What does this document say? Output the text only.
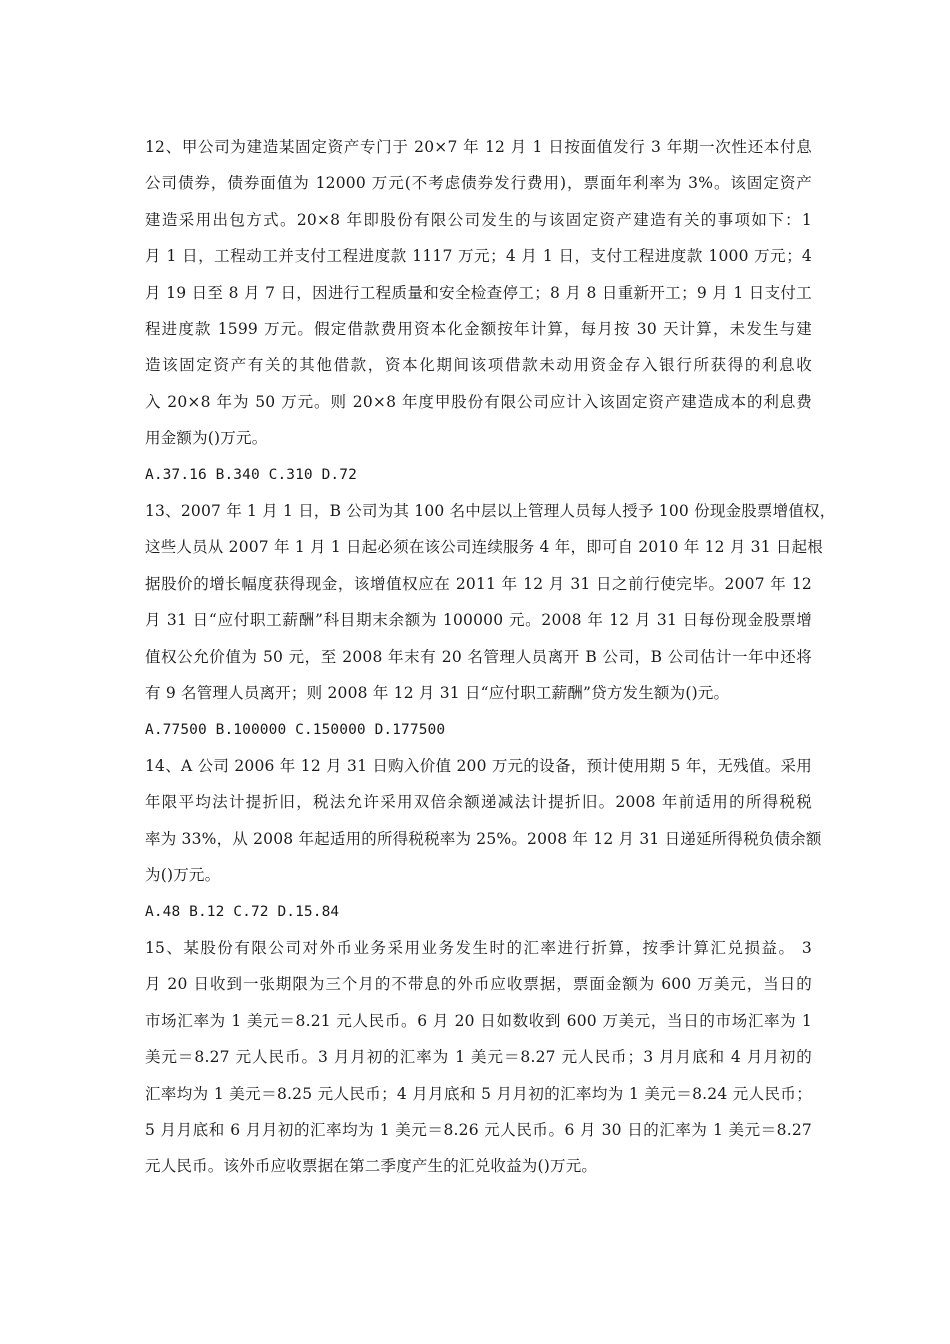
12、甲公司为建造某固定资产专门于 20×7 年 12 月 1 日按面值发行 3 年期一次性还本付息
公司债券，债券面值为 12000 万元(不考虑债券发行费用)，票面年利率为 3%。该固定资产
建造采用出包方式。20×8 年即股份有限公司发生的与该固定资产建造有关的事项如下：1
月 1 日，工程动工并支付工程进度款 1117 万元；4 月 1 日，支付工程进度款 1000 万元；4
月 19 日至 8 月 7 日，因进行工程质量和安全检查停工；8 月 8 日重新开工；9 月 1 日支付工
程进度款 1599 万元。假定借款费用资本化金额按年计算，每月按 30 天计算，未发生与建
造该固定资产有关的其他借款，资本化期间该项借款未动用资金存入银行所获得的利息收
入 20×8 年为 50 万元。则 20×8 年度甲股份有限公司应计入该固定资产建造成本的利息费
用金额为()万元。

A.37.16 B.340 C.310 D.72

13、2007 年 1 月 1 日，B 公司为其 100 名中层以上管理人员每人授予 100 份现金股票增值权，
这些人员从 2007 年 1 月 1 日起必须在该公司连续服务 4 年，即可自 2010 年 12 月 31 日起根
据股价的增长幅度获得现金，该增值权应在 2011 年 12 月 31 日之前行使完毕。2007 年 12
月 31 日“应付职工薪酬”科目期末余额为 100000 元。2008 年 12 月 31 日每份现金股票增
值权公允价值为 50 元，至 2008 年末有 20 名管理人员离开 B 公司，B 公司估计一年中还将
有 9 名管理人员离开；则 2008 年 12 月 31 日“应付职工薪酬”贷方发生额为()元。

A.77500 B.100000 C.150000 D.177500

14、A 公司 2006 年 12 月 31 日购入价值 200 万元的设备，预计使用期 5 年，无残值。采用
年限平均法计提折旧，税法允许采用双倍余额递减法计提折旧。2008 年前适用的所得税税
率为 33%，从 2008 年起适用的所得税税率为 25%。2008 年 12 月 31 日递延所得税负债余额
为()万元。

A.48 B.12 C.72 D.15.84

15、某股份有限公司对外币业务采用业务发生时的汇率进行折算，按季计算汇兑损益。 3
月 20 日收到一张期限为三个月的不带息的外币应收票据，票面金额为 600 万美元，当日的
市场汇率为 1 美元＝8.21 元人民币。6 月 20 日如数收到 600 万美元，当日的市场汇率为 1
美元＝8.27 元人民币。3 月月初的汇率为 1 美元＝8.27 元人民币；3 月月底和 4 月月初的
汇率均为 1 美元＝8.25 元人民币；4 月月底和 5 月月初的汇率均为 1 美元＝8.24 元人民币；
5 月月底和 6 月月初的汇率均为 1 美元＝8.26 元人民币。6 月 30 日的汇率为 1 美元＝8.27
元人民币。该外币应收票据在第二季度产生的汇兑收益为()万元。
